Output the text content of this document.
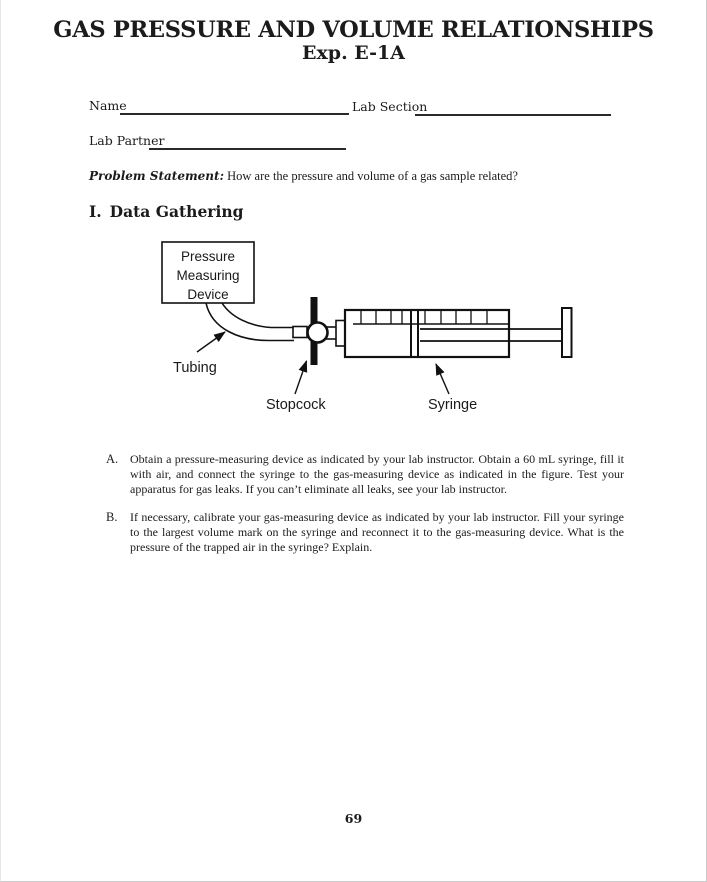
GAS PRESSURE AND VOLUME RELATIONSHIPS
Exp. E-1A
Name	Lab Section
Lab Partner
Problem Statement: How are the pressure and volume of a gas sample related?
I. Data Gathering
Pressure
Measuring
Device
Tubing
Stopcock	Syringe
A. Obtain a pressure-measuring device as indicated by your lab instructor. Obtain a 60 mL syringe, fill it with air, and connect the syringe to the gas-measuring device as indicated in the figure. Test your apparatus for gas leaks. If you can’t eliminate all leaks, see your lab instructor.
B. If necessary, calibrate your gas-measuring device as indicated by your lab instructor. Fill your syringe to the largest volume mark on the syringe and reconnect it to the gas-measuring device. What is the pressure of the trapped air in the syringe? Explain.
69
